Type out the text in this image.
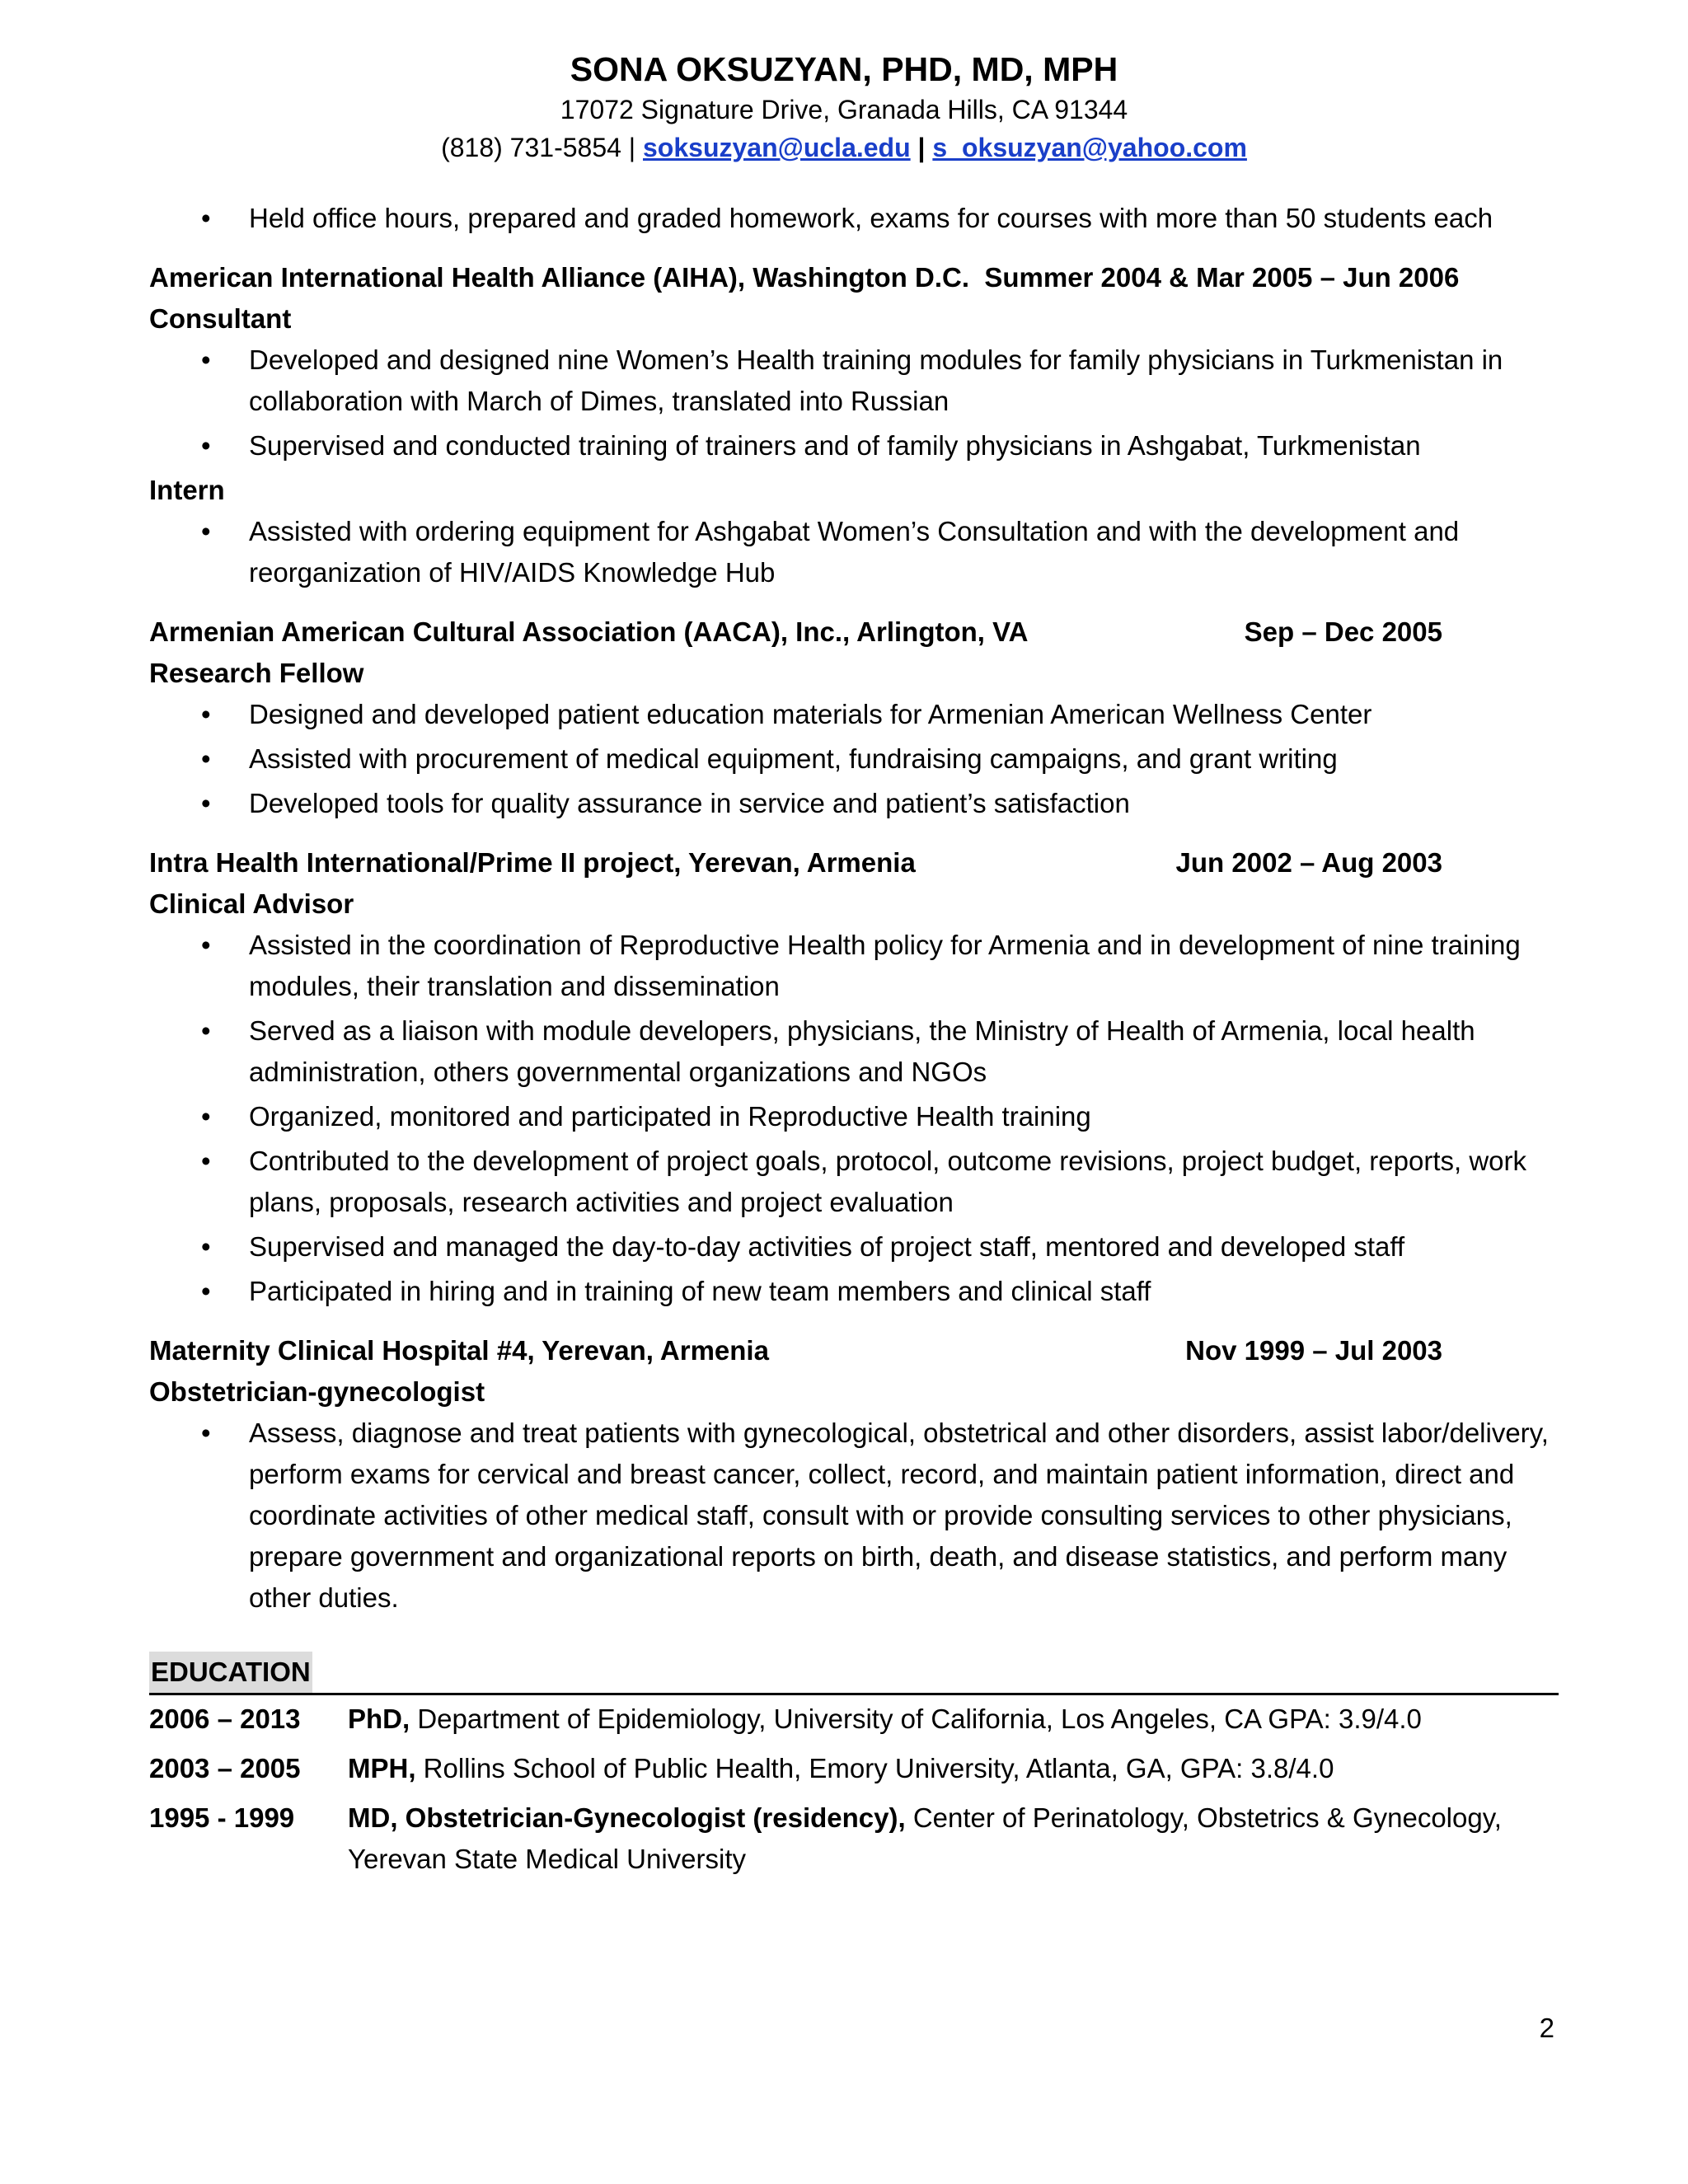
SONA OKSUZYAN, PHD, MD, MPH
17072 Signature Drive, Granada Hills, CA 91344
(818) 731-5854 | soksuzyan@ucla.edu | s_oksuzyan@yahoo.com
• Held office hours, prepared and graded homework, exams for courses with more than 50 students each
American International Health Alliance (AIHA), Washington D.C. Summer 2004 & Mar 2005 – Jun 2006
Consultant
• Developed and designed nine Women’s Health training modules for family physicians in Turkmenistan in collaboration with March of Dimes, translated into Russian
• Supervised and conducted training of trainers and of family physicians in Ashgabat, Turkmenistan
Intern
• Assisted with ordering equipment for Ashgabat Women’s Consultation and with the development and reorganization of HIV/AIDS Knowledge Hub
Armenian American Cultural Association (AACA), Inc., Arlington, VA	Sep – Dec 2005
Research Fellow
• Designed and developed patient education materials for Armenian American Wellness Center
• Assisted with procurement of medical equipment, fundraising campaigns, and grant writing
• Developed tools for quality assurance in service and patient’s satisfaction
Intra Health International/Prime II project, Yerevan, Armenia	Jun 2002 – Aug 2003
Clinical Advisor
• Assisted in the coordination of Reproductive Health policy for Armenia and in development of nine training modules, their translation and dissemination
• Served as a liaison with module developers, physicians, the Ministry of Health of Armenia, local health administration, others governmental organizations and NGOs
• Organized, monitored and participated in Reproductive Health training
• Contributed to the development of project goals, protocol, outcome revisions, project budget, reports, work plans, proposals, research activities and project evaluation
• Supervised and managed the day-to-day activities of project staff, mentored and developed staff
• Participated in hiring and in training of new team members and clinical staff
Maternity Clinical Hospital #4, Yerevan, Armenia	Nov 1999 – Jul 2003
Obstetrician-gynecologist
• Assess, diagnose and treat patients with gynecological, obstetrical and other disorders, assist labor/delivery, perform exams for cervical and breast cancer, collect, record, and maintain patient information, direct and coordinate activities of other medical staff, consult with or provide consulting services to other physicians, prepare government and organizational reports on birth, death, and disease statistics, and perform many other duties.
EDUCATION
2006 – 2013	PhD, Department of Epidemiology, University of California, Los Angeles, CA GPA: 3.9/4.0
2003 – 2005	MPH, Rollins School of Public Health, Emory University, Atlanta, GA, GPA: 3.8/4.0
1995 - 1999	MD, Obstetrician-Gynecologist (residency), Center of Perinatology, Obstetrics & Gynecology, Yerevan State Medical University
2
